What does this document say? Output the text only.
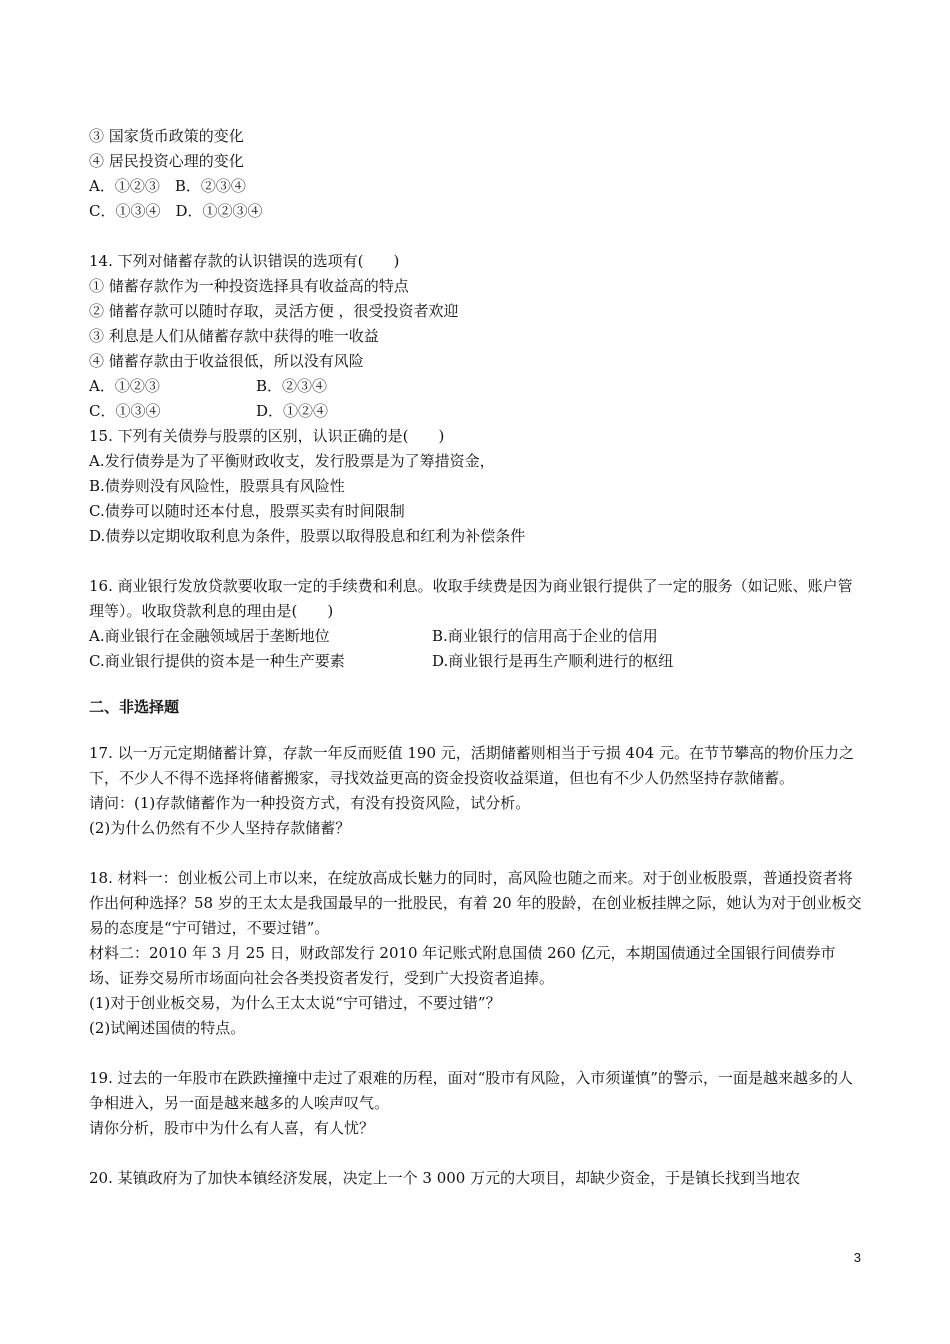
③ 国家货币政策的变化
④ 居民投资心理的变化
A．①②③　B．②③④
C．①③④　D．①②③④
14. 下列对储蓄存款的认识错误的选项有(　　)
① 储蓄存款作为一种投资选择具有收益高的特点
② 储蓄存款可以随时存取，灵活方便 ，很受投资者欢迎
③ 利息是人们从储蓄存款中获得的唯一收益
④ 储蓄存款由于收益很低，所以没有风险
A．①②③	B．②③④
C．①③④	D．①②④
15. 下列有关债券与股票的区别，认识正确的是(　　)
A.发行债券是为了平衡财政收支，发行股票是为了筹措资金，
B.债券则没有风险性，股票具有风险性
C.债券可以随时还本付息，股票买卖有时间限制
D.债券以定期收取利息为条件，股票以取得股息和红利为补偿条件
16. 商业银行发放贷款要收取一定的手续费和利息。收取手续费是因为商业银行提供了一定的服务（如记账、账户管理等）。收取贷款利息的理由是(　　)
A.商业银行在金融领域居于垄断地位	B.商业银行的信用高于企业的信用
C.商业银行提供的资本是一种生产要素	D.商业银行是再生产顺利进行的枢纽
二、非选择题
17. 以一万元定期储蓄计算，存款一年反而贬值 190 元，活期储蓄则相当于亏损 404 元。在节节攀高的物价压力之下，不少人不得不选择将储蓄搬家，寻找效益更高的资金投资收益渠道，但也有不少人仍然坚持存款储蓄。
请问：(1)存款储蓄作为一种投资方式，有没有投资风险，试分析。
(2)为什么仍然有不少人坚持存款储蓄？
18. 材料一：创业板公司上市以来，在绽放高成长魅力的同时，高风险也随之而来。对于创业板股票，普通投资者将作出何种选择？58 岁的王太太是我国最早的一批股民，有着 20 年的股龄，在创业板挂牌之际，她认为对于创业板交易的态度是“宁可错过，不要过错”。
材料二：2010 年 3 月 25 日，财政部发行 2010 年记账式附息国债 260 亿元，本期国债通过全国银行间债券市场、证券交易所市场面向社会各类投资者发行，受到广大投资者追捧。
(1)对于创业板交易，为什么王太太说“宁可错过，不要过错”？
(2)试阐述国债的特点。
19. 过去的一年股市在跌跌撞撞中走过了艰难的历程，面对“股市有风险，入市须谨慎”的警示，一面是越来越多的人争相进入，另一面是越来越多的人唉声叹气。
请你分析，股市中为什么有人喜，有人忧？
20. 某镇政府为了加快本镇经济发展，决定上一个 3 000 万元的大项目，却缺少资金，于是镇长找到当地农
3
